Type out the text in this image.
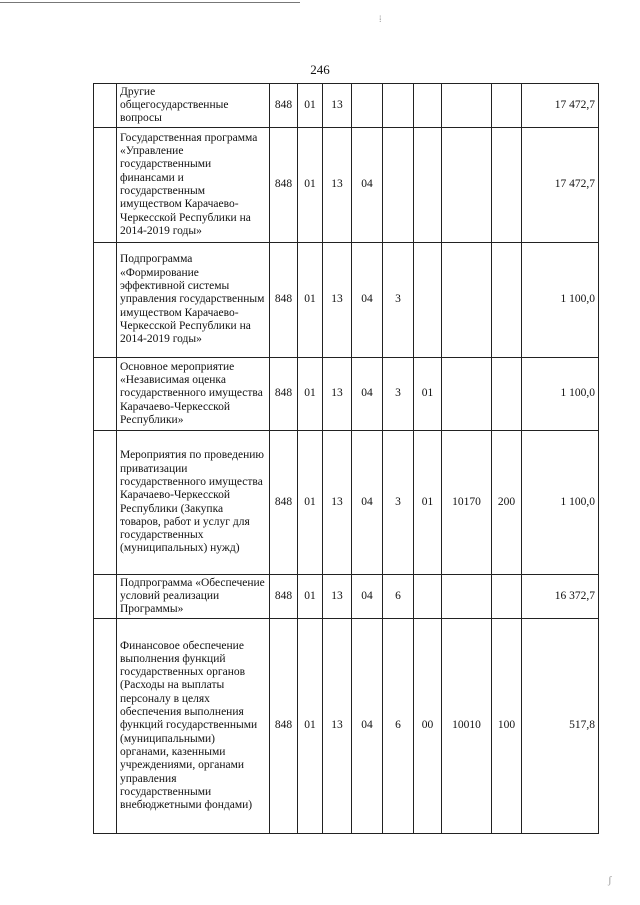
246
	Другие общегосударственные вопросы	848	01	13						17 472,7
	Государственная программа «Управление государственными финансами и государственным имуществом Карачаево-Черкесской Республики на 2014-2019 годы»	848	01	13	04					17 472,7
	Подпрограмма «Формирование эффективной системы управления государственным имуществом Карачаево-Черкесской Республики на 2014-2019 годы»	848	01	13	04	3				1 100,0
	Основное мероприятие «Независимая оценка государственного имущества Карачаево-Черкесской Республики»	848	01	13	04	3	01			1 100,0
	Мероприятия по проведению приватизации государственного имущества Карачаево-Черкесской Республики (Закупка товаров, работ и услуг для государственных (муниципальных) нужд)	848	01	13	04	3	01	10170	200	1 100,0
	Подпрограмма «Обеспечение условий реализации Программы»	848	01	13	04	6				16 372,7
	Финансовое обеспечение выполнения функций государственных органов (Расходы на выплаты персоналу в целях обеспечения выполнения функций государственными (муниципальными) органами, казенными учреждениями, органами управления государственными внебюджетными фондами)	848	01	13	04	6	00	10010	100	517,8
⁞
ʃ
